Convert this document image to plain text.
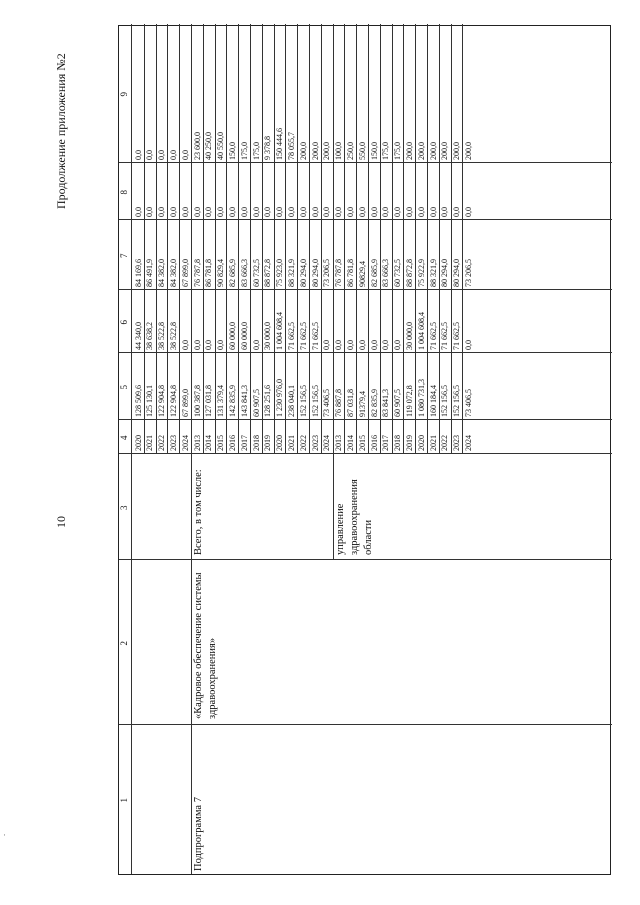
10
Продолжение приложения №2
1
2
3
4
5
6
7
8
9
2020
128 509,6
44 340,0
84 169,6
0,0
0,0
2021
125 130,1
38 638,2
86 491,9
0,0
0,0
2022
122 904,8
38 522,8
84 382,0
0,0
0,0
2023
122 904,8
38 522,8
84 382,0
0,0
0,0
2024
67 899,0
0,0
67 899,0
0,0
0,0
2013
100 387,8
0,0
76 787,8
0,0
23 600,0
2014
127 031,8
0,0
86 781,8
0,0
40 250,0
2015
131 379,4
0,0
90 829,4
0,0
40 550,0
2016
142 835,9
60 000,0
82 685,9
0,0
150,0
2017
143 841,3
60 000,0
83 666,3
0,0
175,0
2018
60 907,5
0,0
60 732,5
0,0
175,0
2019
128 251,6
30 000,0
88 872,8
0,0
9 378,8
2020
1 230 976,0
1 004 608,4
75 923,0
0,0
150 444,6
2021
238 040,1
71 662,5
88 321,9
0,0
78 055,7
2022
152 156,5
71 662,5
80 294,0
0,0
200,0
2023
152 156,5
71 662,5
80 294,0
0,0
200,0
2024
73 406,5
0,0
73 206,5
0,0
200,0
2013
76 887,8
0,0
76 787,8
0,0
100,0
2014
87 031,8
0,0
86 781,8
0,0
250,0
2015
91379,4
0,0
90829,4
0,0
550,0
2016
82 835,9
0,0
82 685,9
0,0
150,0
2017
83 841,3
0,0
83 666,3
0,0
175,0
2018
60 907,5
0,0
60 732,5
0,0
175,0
2019
119 072,8
30 000,0
88 872,8
0,0
200,0
2020
1 080 731,3
1 004 608,4
75 922,9
0,0
200,0
2021
160 184,4
71 662,5
88 321,9
0,0
200,0
2022
152 156,5
71 662,5
80 294,0
0,0
200,0
2023
152 156,5
71 662,5
80 294,0
0,0
200,0
2024
73 406,5
0,0
73 206,5
0,0
200,0
Подпрограмма 7
«Кадровое обеспечение системы здравоохранения»
Всего, в том числе:	управление здравоохранения области
·
